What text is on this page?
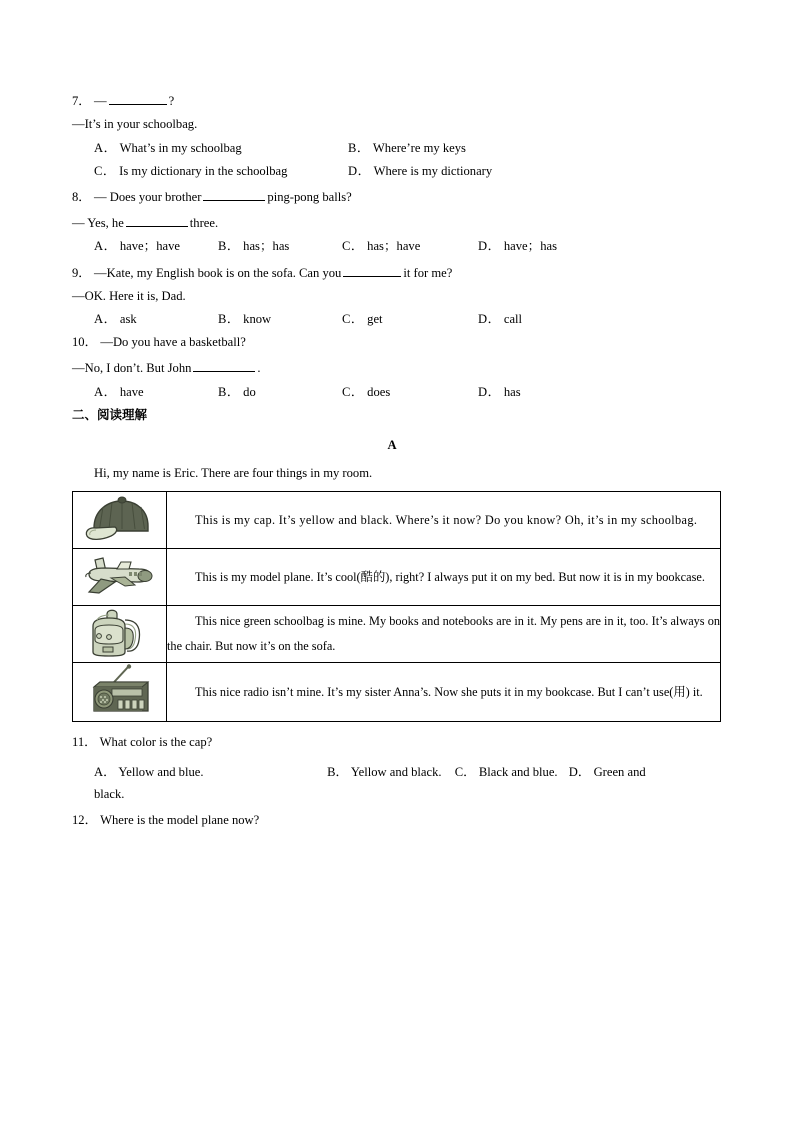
7． —	?
—It’s in your schoolbag.
A． What’s in my schoolbag	B． Where’re my keys
C． Is my dictionary in the schoolbag	D． Where is my dictionary
8． — Does your brother	ping-pong balls?
— Yes, he	three.
A． have；have	B． has；has	C． has；have	D． have；has
9． —Kate, my English book is on the sofa. Can you	it for me?
—OK. Here it is, Dad.
A． ask	B． know	C． get	D． call
10． —Do you have a basketball?
—No, I don’t. But John	.
A． have	B． do	C． does	D． has
二、阅读理解
A
Hi, my name is Eric. There are four things in my room.
	This is my cap. It’s yellow and black. Where’s it now? Do you know? Oh, it’s in my schoolbag.

	This is my model plane. It’s cool(酷的), right? I always put it on my bed. But now it is in my bookcase.

	This nice green schoolbag is mine. My books and notebooks are in it. My pens are in it, too. It’s always on the chair. But now it’s on the sofa.

	This nice radio isn’t mine. It’s my sister Anna’s. Now she puts it in my bookcase. But I can’t use(用) it.
11． What color is the cap?
A． Yellow and blue.	B． Yellow and black. C． Black and blue. D． Green and
black.
12． Where is the model plane now?
